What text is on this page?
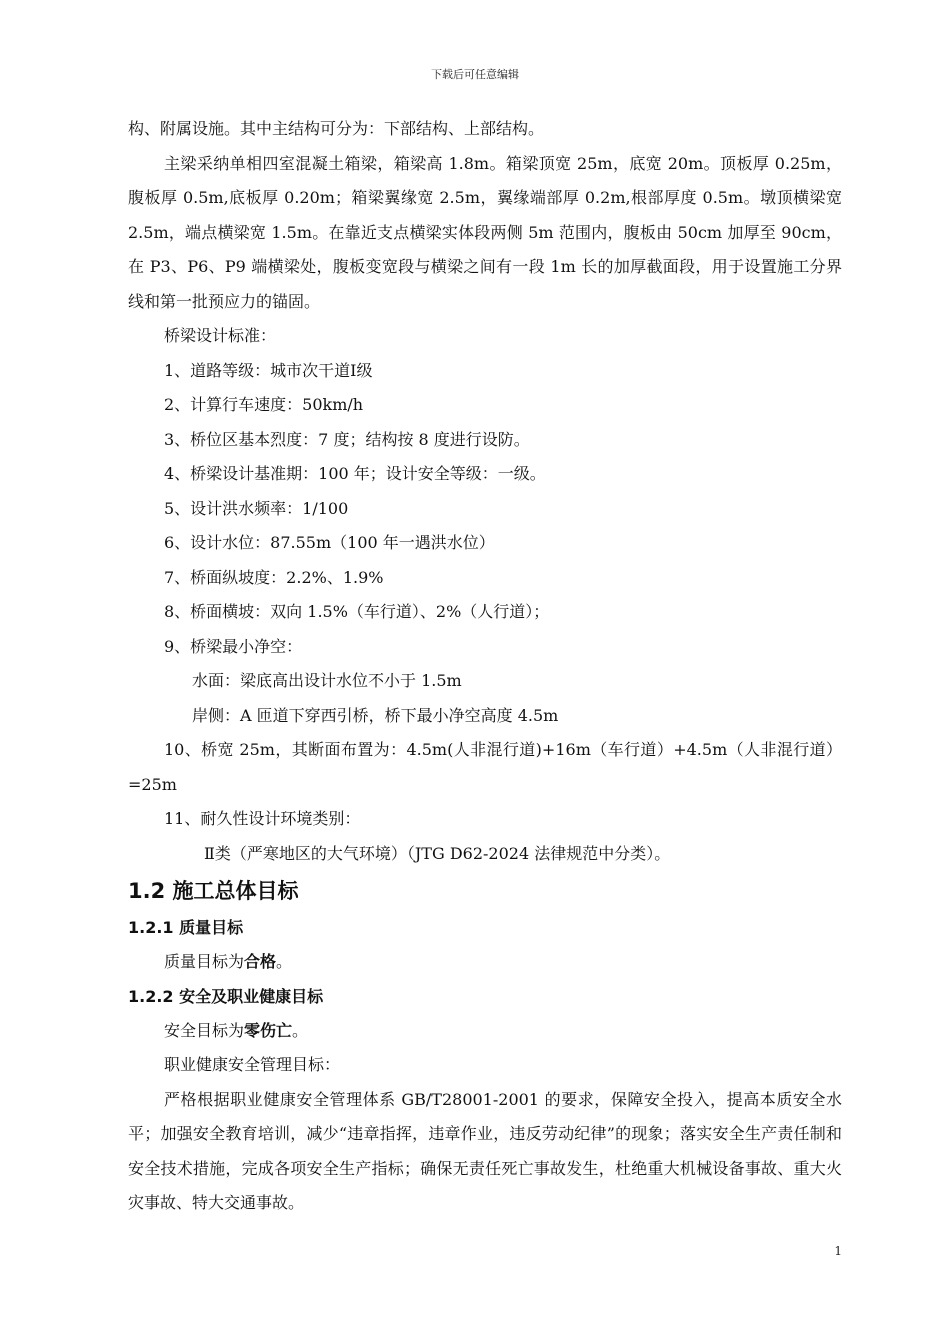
下载后可任意编辑

构、附属设施。其中主结构可分为：下部结构、上部结构。

主梁采纳单相四室混凝土箱梁，箱梁高 1.8m。箱梁顶宽 25m，底宽 20m。顶板厚 0.25m，腹板厚 0.5m,底板厚 0.20m；箱梁翼缘宽 2.5m，翼缘端部厚 0.2m,根部厚度 0.5m。墩顶横梁宽 2.5m，端点横梁宽 1.5m。在靠近支点横梁实体段两侧 5m 范围内，腹板由 50cm 加厚至 90cm，在 P3、P6、P9 端横梁处，腹板变宽段与横梁之间有一段 1m 长的加厚截面段，用于设置施工分界线和第一批预应力的锚固。

桥梁设计标准：

1、道路等级：城市次干道Ⅰ级

2、计算行车速度：50km/h

3、桥位区基本烈度：7 度；结构按 8 度进行设防。

4、桥梁设计基准期：100 年；设计安全等级：一级。

5、设计洪水频率：1/100

6、设计水位：87.55m（100 年一遇洪水位）

7、桥面纵坡度：2.2%、1.9%

8、桥面横坡：双向 1.5%（车行道）、2%（人行道）；

9、桥梁最小净空：

水面：梁底高出设计水位不小于 1.5m

岸侧：A 匝道下穿西引桥，桥下最小净空高度 4.5m

10、桥宽 25m，其断面布置为：4.5m(人非混行道)+16m（车行道）+4.5m（人非混行道）=25m

11、耐久性设计环境类别：

Ⅱ类（严寒地区的大气环境）（JTG D62-2024 法律规范中分类）。

1.2 施工总体目标
1.2.1 质量目标

质量目标为合格。

1.2.2 安全及职业健康目标

安全目标为零伤亡。

职业健康安全管理目标：

严格根据职业健康安全管理体系 GB/T28001-2001 的要求，保障安全投入，提高本质安全水平；加强安全教育培训，减少“违章指挥，违章作业，违反劳动纪律”的现象；落实安全生产责任制和安全技术措施，完成各项安全生产指标；确保无责任死亡事故发生，杜绝重大机械设备事故、重大火灾事故、特大交通事故。

1
